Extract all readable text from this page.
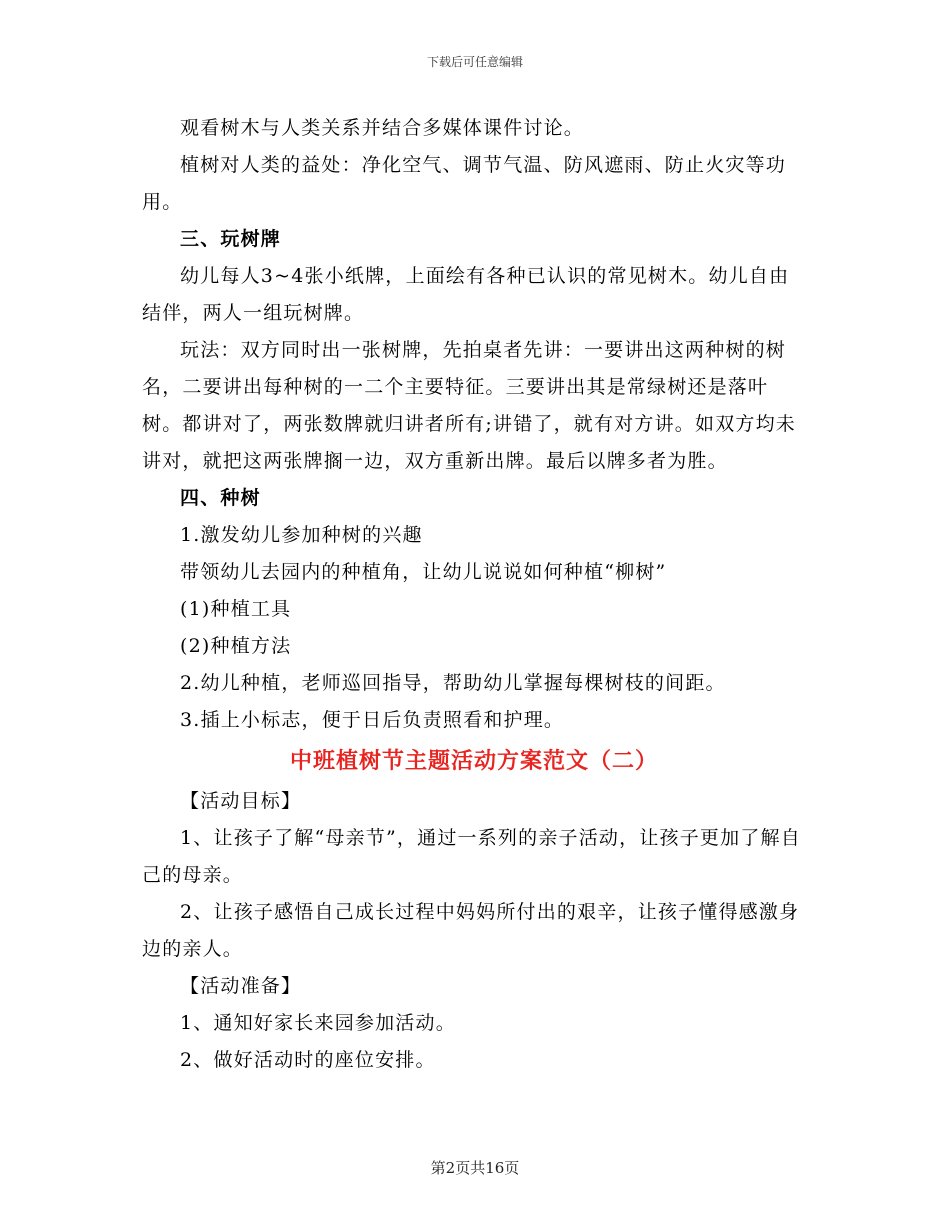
下载后可任意编辑

观看树木与人类关系并结合多媒体课件讨论。

植树对人类的益处：净化空气、调节气温、防风遮雨、防止火灾等功用。

三、玩树牌

幼儿每人3~4张小纸牌，上面绘有各种已认识的常见树木。幼儿自由结伴，两人一组玩树牌。

玩法：双方同时出一张树牌，先拍桌者先讲：一要讲出这两种树的树名，二要讲出每种树的一二个主要特征。三要讲出其是常绿树还是落叶树。都讲对了，两张数牌就归讲者所有;讲错了，就有对方讲。如双方均未讲对，就把这两张牌搁一边，双方重新出牌。最后以牌多者为胜。

四、种树

1.激发幼儿参加种树的兴趣

带领幼儿去园内的种植角，让幼儿说说如何种植“柳树”

(1)种植工具

(2)种植方法

2.幼儿种植，老师巡回指导，帮助幼儿掌握每棵树枝的间距。

3.插上小标志，便于日后负责照看和护理。

中班植树节主题活动方案范文（二）

【活动目标】

1、让孩子了解“母亲节”，通过一系列的亲子活动，让孩子更加了解自己的母亲。

2、让孩子感悟自己成长过程中妈妈所付出的艰辛，让孩子懂得感激身边的亲人。

【活动准备】

1、通知好家长来园参加活动。

2、做好活动时的座位安排。

第2页共16页
